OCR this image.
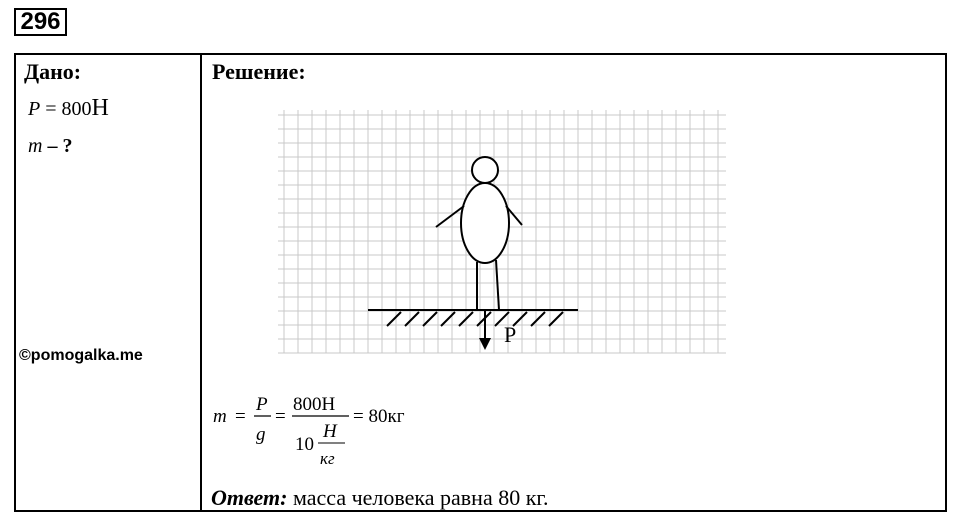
296
Дано:
P = 800Н
m – ?
©pomogalka.me
Решение:
P
m =
P
g
=
800H
10
H
кг
= 80кг
Ответ: масса человека равна 80 кг.
